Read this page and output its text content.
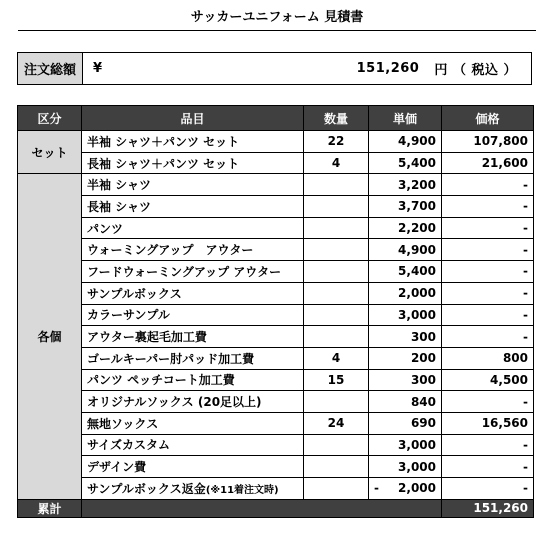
サッカーユニフォーム 見積書
注文総額	¥	151,260
円 （ 税込 ）
区分	品目	数量	単価	価格
セット	半袖 シャツ＋パンツ セット	22	4,900	107,800
	長袖 シャツ＋パンツ セット	4	5,400	21,600
各個	半袖 シャツ		3,200	-
	長袖 シャツ		3,700	-
	パンツ		2,200	-
	ウォーミングアップ　アウター		4,900	-
	フードウォーミングアップ アウター		5,400	-
	サンプルボックス		2,000	-
	カラーサンプル		3,000	-
	アウター裏起毛加工費		300	-
	ゴールキーパー肘パッド加工費	4	200	800
	パンツ ペッチコート加工費	15	300	4,500
	オリジナルソックス (20足以上)		840	-
	無地ソックス	24	690	16,560
	サイズカスタム		3,000	-
	デザイン費		3,000	-
	サンプルボックス返金(※11着注文時)		- 2,000	-
累計				151,260
